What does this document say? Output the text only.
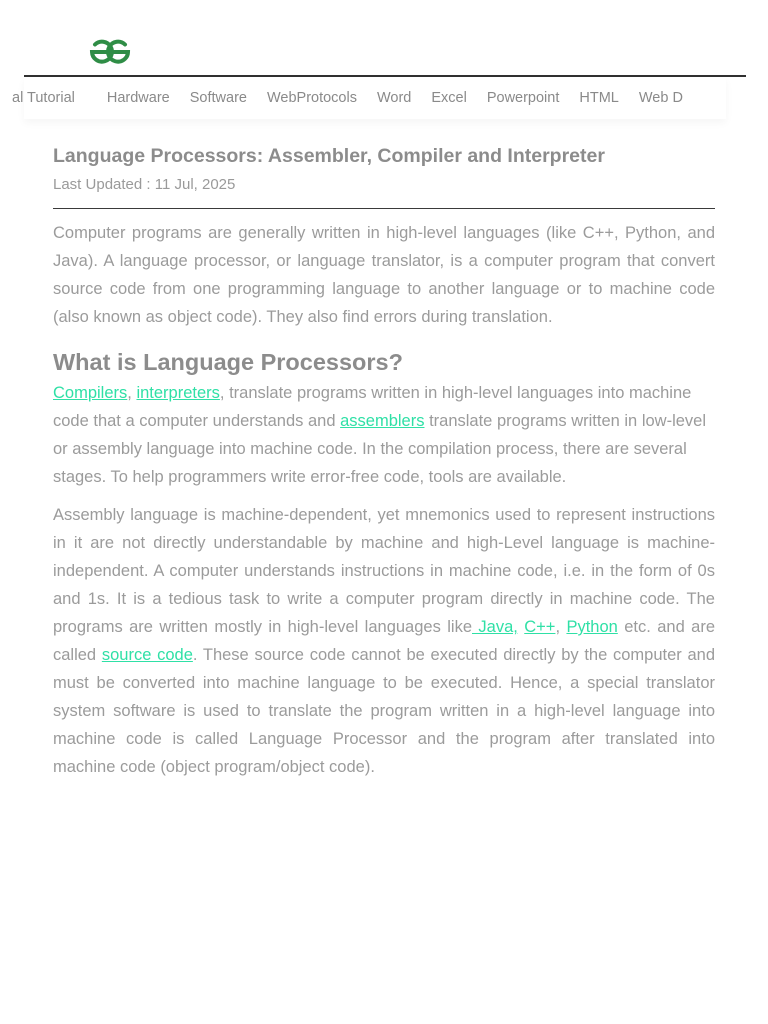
al Tutorial Hardware Software WebProtocols Word Excel Powerpoint HTML Web D
Language Processors: Assembler, Compiler and Interpreter
Last Updated : 11 Jul, 2025

Computer programs are generally written in high-level languages (like C++, Python, and Java). A language processor, or language translator, is a computer program that convert source code from one programming language to another language or to machine code (also known as object code). They also find errors during translation.

What is Language Processors?

Compilers, interpreters, translate programs written in high-level languages into machine code that a computer understands and assemblers translate programs written in low-level or assembly language into machine code. In the compilation process, there are several stages. To help programmers write error-free code, tools are available.

Assembly language is machine-dependent, yet mnemonics used to represent instructions in it are not directly understandable by machine and high-Level language is machine-independent. A computer understands instructions in machine code, i.e. in the form of 0s and 1s. It is a tedious task to write a computer program directly in machine code. The programs are written mostly in high-level languages like Java, C++, Python etc. and are called source code. These source code cannot be executed directly by the computer and must be converted into machine language to be executed. Hence, a special translator system software is used to translate the program written in a high-level language into machine code is called Language Processor and the program after translated into machine code (object program/object code).
